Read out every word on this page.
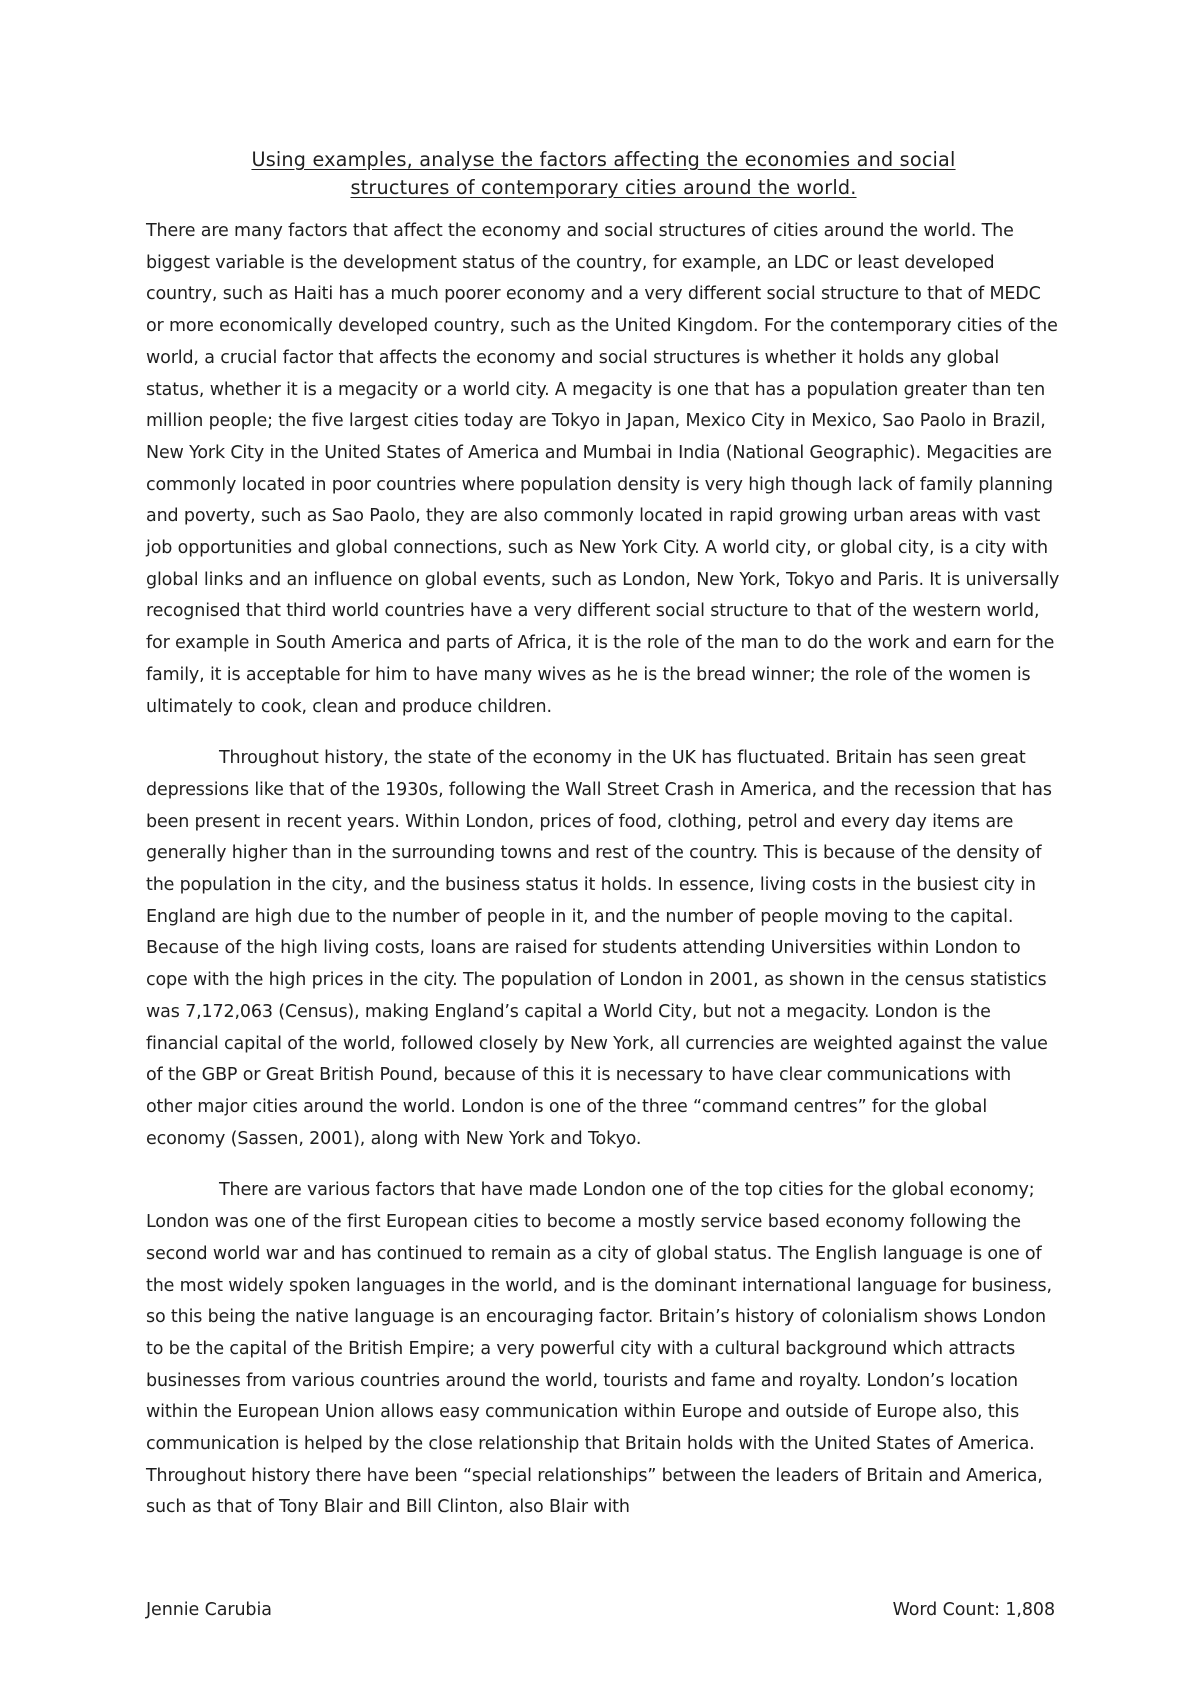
Using examples, analyse the factors affecting the economies and social
structures of contemporary cities around the world.

There are many factors that affect the economy and social structures of cities around the world. The biggest variable is the development status of the country, for example, an LDC or least developed country, such as Haiti has a much poorer economy and a very different social structure to that of MEDC or more economically developed country, such as the United Kingdom. For the contemporary cities of the world, a crucial factor that affects the economy and social structures is whether it holds any global status, whether it is a megacity or a world city. A megacity is one that has a population greater than ten million people; the five largest cities today are Tokyo in Japan, Mexico City in Mexico, Sao Paolo in Brazil, New York City in the United States of America and Mumbai in India (National Geographic). Megacities are commonly located in poor countries where population density is very high though lack of family planning and poverty, such as Sao Paolo, they are also commonly located in rapid growing urban areas with vast job opportunities and global connections, such as New York City. A world city, or global city, is a city with global links and an influence on global events, such as London, New York, Tokyo and Paris. It is universally recognised that third world countries have a very different social structure to that of the western world, for example in South America and parts of Africa, it is the role of the man to do the work and earn for the family, it is acceptable for him to have many wives as he is the bread winner; the role of the women is ultimately to cook, clean and produce children.

Throughout history, the state of the economy in the UK has fluctuated. Britain has seen great depressions like that of the 1930s, following the Wall Street Crash in America, and the recession that has been present in recent years. Within London, prices of food, clothing, petrol and every day items are generally higher than in the surrounding towns and rest of the country. This is because of the density of the population in the city, and the business status it holds. In essence, living costs in the busiest city in England are high due to the number of people in it, and the number of people moving to the capital. Because of the high living costs, loans are raised for students attending Universities within London to cope with the high prices in the city. The population of London in 2001, as shown in the census statistics was 7,172,063 (Census), making England’s capital a World City, but not a megacity. London is the financial capital of the world, followed closely by New York, all currencies are weighted against the value of the GBP or Great British Pound, because of this it is necessary to have clear communications with other major cities around the world. London is one of the three “command centres” for the global economy (Sassen, 2001), along with New York and Tokyo.

There are various factors that have made London one of the top cities for the global economy; London was one of the first European cities to become a mostly service based economy following the second world war and has continued to remain as a city of global status. The English language is one of the most widely spoken languages in the world, and is the dominant international language for business, so this being the native language is an encouraging factor. Britain’s history of colonialism shows London to be the capital of the British Empire; a very powerful city with a cultural background which attracts businesses from various countries around the world, tourists and fame and royalty. London’s location within the European Union allows easy communication within Europe and outside of Europe also, this communication is helped by the close relationship that Britain holds with the United States of America. Throughout history there have been “special relationships” between the leaders of Britain and America, such as that of Tony Blair and Bill Clinton, also Blair with

Jennie Carubia	Word Count: 1,808
